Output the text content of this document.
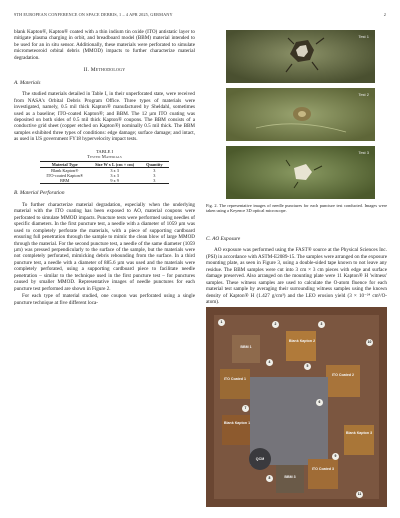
9TH EUROPEAN CONFERENCE ON SPACE DEBRIS, 1 – 4 APR 2025, GERMANY	2

blank Kapton®, Kapton® coated with a thin indium tin oxide (ITO) antistatic layer to mitigate plasma charging in orbit, and breadboard model (BBM) material intended to be used for an in situ sensor. Additionally, these materials were perforated to simulate micrometeoroid orbital debris (MMOD) impacts to further characterize material degradation.

II. Methodology
A. Materials

The studied materials detailed in Table I, in their unperforated state, were received from NASA's Orbital Debris Program Office. Three types of materials were investigated, namely, 0.5 mil thick Kapton® manufactured by Sheldahl, sometimes used as a baseline; ITO-coated Kapton®; and BBM. The 12 µm ITO coating was deposited on both sides of 0.5 mil thick Kapton® coupons. The BBM consists of a conductive grid sheet (copper etched on Kapton®) nominally 0.5 mil thick. The BBM samples exhibited three types of conditions: edge damage; surface damage; and intact, as used in US government FY18 hypervelocity impact tests.

TABLE I
Tested Materials
Material Type	Size W x L (cm × cm)	Quantity
Blank Kapton®	3 x 3	3
ITO-coated Kapton®	3 x 3	3
BBM	9 x 9	3
B. Material Perforation

To further characterize material degradation, especially when the underlying material with the ITO coating has been exposed to AO, material coupons were perforated to simulate MMOD impacts. Puncture tests were performed using needles of specific diameters. In the first puncture test, a needle with a diameter of 1059 µm was used to completely perforate the materials, with a piece of supporting cardboard ensuring full penetration through the sample to mimic the clean blow of large MMOD through the material. For the second puncture test, a needle of the same diameter (1059 µm) was pressed perpendicularly to the surface of the sample, but the materials were not completely perforated, mimicking debris rebounding from the surface. In a third puncture test, a needle with a diameter of 885.6 µm was used and the materials were completely perforated, using a supporting cardboard piece to facilitate needle penetration – similar to the technique used in the first puncture test – for punctures caused by smaller MMOD. Representative images of needle punctures for each puncture test performed are shown in Figure 2.

For each type of material studied, one coupon was perforated using a single puncture technique at five different loca-

Test 1
Test 2
Test 3
Fig. 2. The representative images of needle punctures for each puncture test conducted. Images were taken using a Keyence 3D optical microscope.
C. AO Exposure

AO exposure was performed using the FAST® source at the Physical Sciences Inc. (PSI) in accordance with ASTM-E2089-15. The samples were arranged on the exposure mounting plate, as seen in Figure 3, using a double-sided tape known to not leave any residue. The BBM samples were cut into 3 cm × 3 cm pieces with edge and surface damage preserved. Also arranged on the mounting plate were 11 Kapton® H 'witness' samples. These witness samples are used to calculate the O-atom fluence for each material test sample by averaging their surrounding witness samples using the known density of Kapton® H (1.427 g/cm³) and the LEO erosion yield (3 × 10⁻²⁴ cm³/O-atom).

BBM 1
Blank Kapton 2
ITO Coated 1
ITO Coated 2
Blank Kapton 1
QCM
BBM 3
ITO Coated 3
Blank Kapton 3
1	2	3
10
4
5
6
7
8
9
11
